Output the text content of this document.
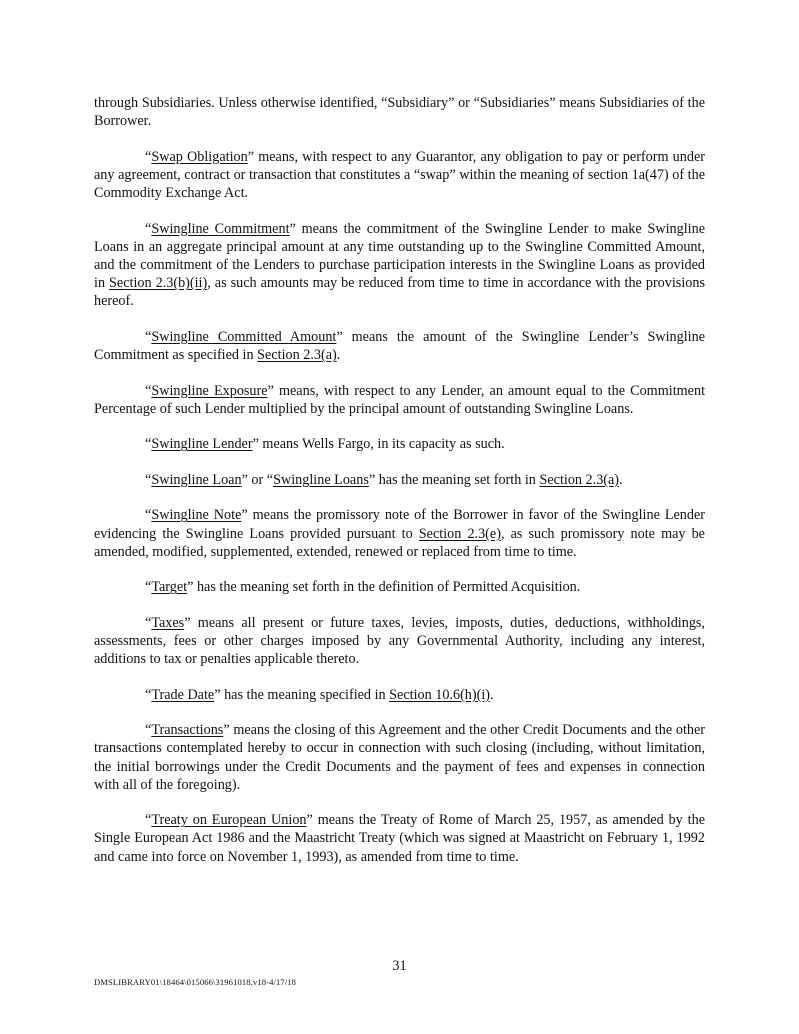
through Subsidiaries. Unless otherwise identified, “Subsidiary” or “Subsidiaries” means Subsidiaries of the Borrower.

“Swap Obligation” means, with respect to any Guarantor, any obligation to pay or perform under any agreement, contract or transaction that constitutes a “swap” within the meaning of section 1a(47) of the Commodity Exchange Act.

“Swingline Commitment” means the commitment of the Swingline Lender to make Swingline Loans in an aggregate principal amount at any time outstanding up to the Swingline Committed Amount, and the commitment of the Lenders to purchase participation interests in the Swingline Loans as provided in Section 2.3(b)(ii), as such amounts may be reduced from time to time in accordance with the provisions hereof.

“Swingline Committed Amount” means the amount of the Swingline Lender’s Swingline Commitment as specified in Section 2.3(a).

“Swingline Exposure” means, with respect to any Lender, an amount equal to the Commitment Percentage of such Lender multiplied by the principal amount of outstanding Swingline Loans.

“Swingline Lender” means Wells Fargo, in its capacity as such.

“Swingline Loan” or “Swingline Loans” has the meaning set forth in Section 2.3(a).

“Swingline Note” means the promissory note of the Borrower in favor of the Swingline Lender evidencing the Swingline Loans provided pursuant to Section 2.3(e), as such promissory note may be amended, modified, supplemented, extended, renewed or replaced from time to time.

“Target” has the meaning set forth in the definition of Permitted Acquisition.

“Taxes” means all present or future taxes, levies, imposts, duties, deductions, withholdings, assessments, fees or other charges imposed by any Governmental Authority, including any interest, additions to tax or penalties applicable thereto.

“Trade Date” has the meaning specified in Section 10.6(h)(i).

“Transactions” means the closing of this Agreement and the other Credit Documents and the other transactions contemplated hereby to occur in connection with such closing (including, without limitation, the initial borrowings under the Credit Documents and the payment of fees and expenses in connection with all of the foregoing).

“Treaty on European Union” means the Treaty of Rome of March 25, 1957, as amended by the Single European Act 1986 and the Maastricht Treaty (which was signed at Maastricht on February 1, 1992 and came into force on November 1, 1993), as amended from time to time.

31
DMSLIBRARY01\18464\015066\31961018.v18-4/17/18
